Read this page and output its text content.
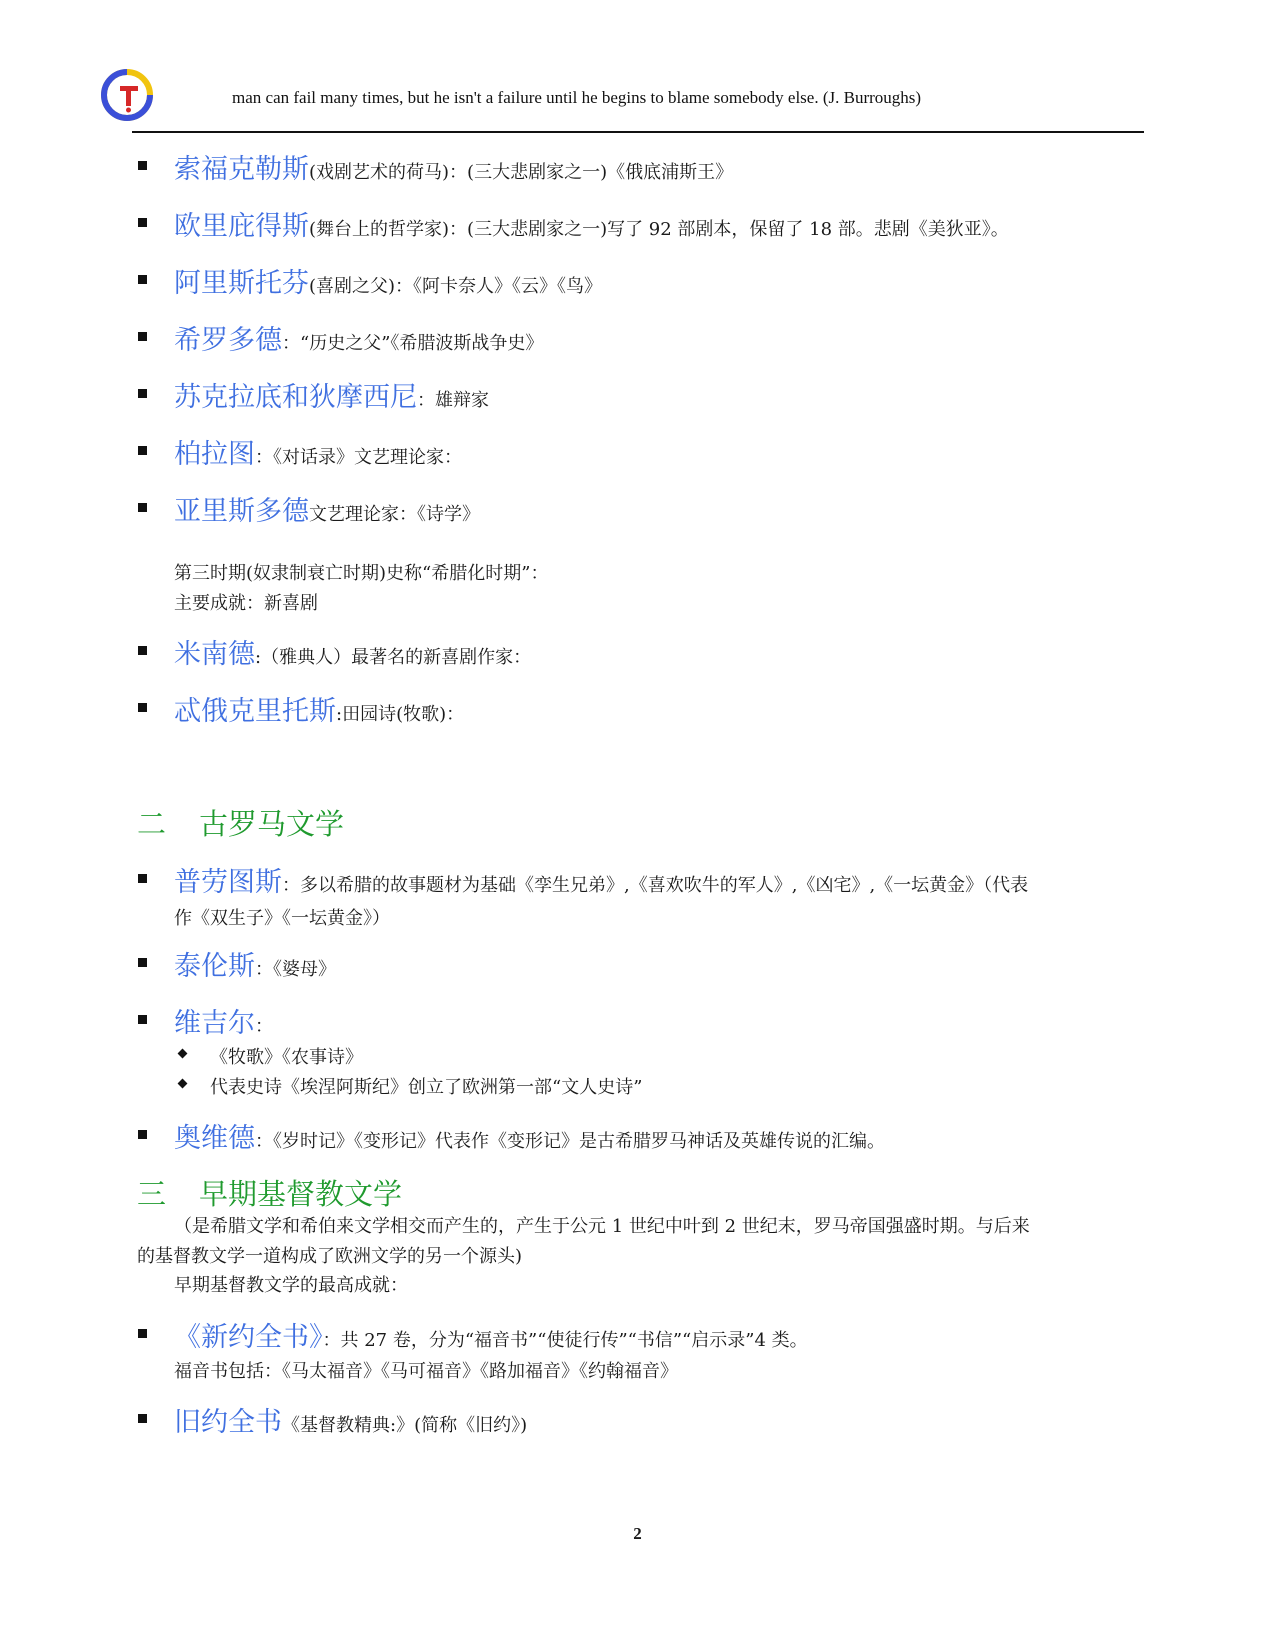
man can fail many times, but he isn't a failure until he begins to blame somebody else. (J. Burroughs)
索福克勒斯(戏剧艺术的荷马)：(三大悲剧家之一)《俄底浦斯王》
欧里庇得斯(舞台上的哲学家)：(三大悲剧家之一)写了 92 部剧本，保留了 18 部。悲剧《美狄亚》。
阿里斯托芬(喜剧之父)：《阿卡奈人》《云》《鸟》
希罗多德：“历史之父”《希腊波斯战争史》
苏克拉底和狄摩西尼：雄辩家
柏拉图：《对话录》文艺理论家：
亚里斯多德文艺理论家：《诗学》
第三时期(奴隶制衰亡时期)史称“希腊化时期”：
主要成就：新喜剧
米南德:（雅典人）最著名的新喜剧作家：
忒俄克里托斯:田园诗(牧歌)：
二 古罗马文学
普劳图斯：多以希腊的故事题材为基础《孪生兄弟》,《喜欢吹牛的军人》,《凶宅》,《一坛黄金》（代表
作《双生子》《一坛黄金》）
泰伦斯：《婆母》
维吉尔：
《牧歌》《农事诗》
代表史诗《埃涅阿斯纪》创立了欧洲第一部“文人史诗”
奥维德：《岁时记》《变形记》代表作《变形记》是古希腊罗马神话及英雄传说的汇编。
三 早期基督教文学
（是希腊文学和希伯来文学相交而产生的，产生于公元 1 世纪中叶到 2 世纪末，罗马帝国强盛时期。与后来
的基督教文学一道构成了欧洲文学的另一个源头)
早期基督教文学的最高成就：
《新约全书》：共 27 卷，分为“福音书”“使徒行传”“书信”“启示录”4 类。
福音书包括：《马太福音》《马可福音》《路加福音》《约翰福音》
旧约全书《基督教精典:》(简称《旧约》)
2
